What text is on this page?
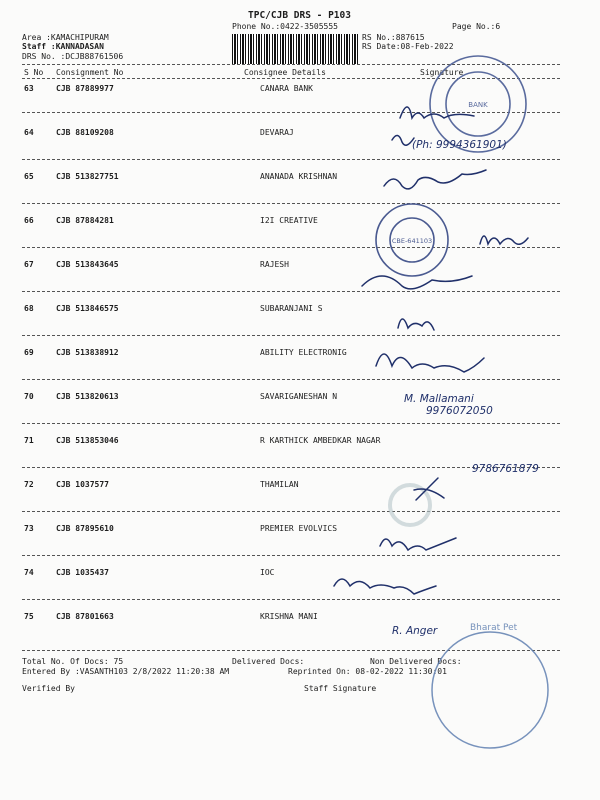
TPC/CJB DRS - P103
Phone No.:0422-3505555	Page No.:6
Area :KAMACHIPURAM
Staff :KANNADASAN
DRS No. :DCJB88761506
RS No.:887615
RS Date:08-Feb-2022
S No Consignment No	Consignee Details	Signature
63	CJB 87889977	CANARA BANK
64	CJB 88109208	DEVARAJ
65	CJB 513827751	ANANADA KRISHNAN
66	CJB 87884281	I2I CREATIVE
67	CJB 513843645	RAJESH
68	CJB 513846575	SUBARANJANI S
69	CJB 513838912	ABILITY ELECTRONIG
70	CJB 513820613	SAVARIGANESHAN N
71	CJB 513853046	R KARTHICK AMBEDKAR NAGAR
72	CJB 1037577	THAMILAN
73	CJB 87895610	PREMIER EVOLVICS
74	CJB 1035437	IOC
75	CJB 87801663	KRISHNA MANI
Total No. Of Docs: 75	Delivered Docs:	Non Delivered Docs:
Entered By :VASANTH103 2/8/2022 11:20:38 AM	Reprinted On: 08-02-2022 11:30:01
Verified By	Staff Signature
BANK
CBE-641103
Bharat Pet
(Ph: 9994361901)
M. Mallamani
9976072050
9786761879
R. Anger
